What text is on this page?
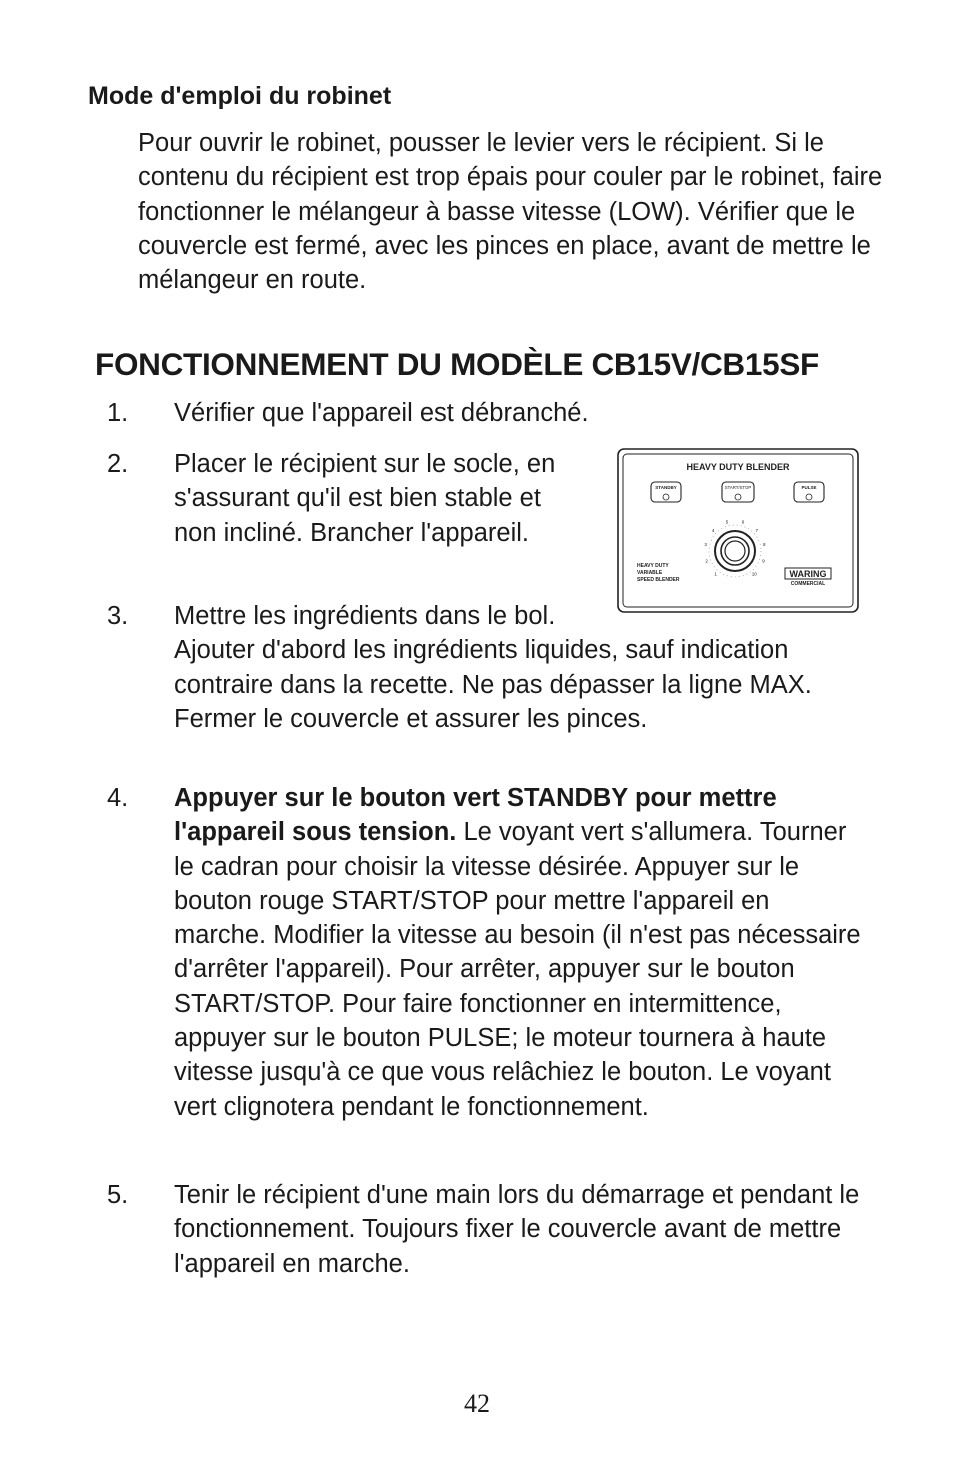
Mode d'emploi du robinet

Pour ouvrir le robinet, pousser le levier vers le récipient. Si le contenu du récipient est trop épais pour couler par le robinet, faire fonctionner le mélangeur à basse vitesse (LOW). Vérifier que le couvercle est fermé, avec les pinces en place, avant de mettre le mélangeur en route.

FONCTIONNEMENT DU MODÈLE CB15V/CB15SF
1. Vérifier que l'appareil est débranché.
2. Placer le récipient sur le socle, en s'assurant qu'il est bien stable et non incliné. Brancher l'appareil.
3. Mettre les ingrédients dans le bol. Ajouter d'abord les ingrédients liquides, sauf indication contraire dans la recette. Ne pas dépasser la ligne MAX. Fermer le couvercle et assurer les pinces.
4. Appuyer sur le bouton vert STANDBY pour mettre l'appareil sous tension. Le voyant vert s'allumera. Tourner le cadran pour choisir la vitesse désirée. Appuyer sur le bouton rouge START/STOP pour mettre l'appareil en marche. Modifier la vitesse au besoin (il n'est pas nécessaire d'arrêter l'appareil). Pour arrêter, appuyer sur le bouton START/STOP. Pour faire fonctionner en intermittence, appuyer sur le bouton PULSE; le moteur tournera à haute vitesse jusqu'à ce que vous relâchiez le bouton. Le voyant vert clignotera pendant le fonctionnement.
5. Tenir le récipient d'une main lors du démarrage et pendant le fonctionnement. Toujours fixer le couvercle avant de mettre l'appareil en marche.
HEAVY DUTY BLENDER
STANDBY	START/STOP	PULSE
1
2
3
4
5	6
7
8
9
10
HEAVY DUTY
VARIABLE
SPEED BLENDER
WARING
COMMERCIAL
42
